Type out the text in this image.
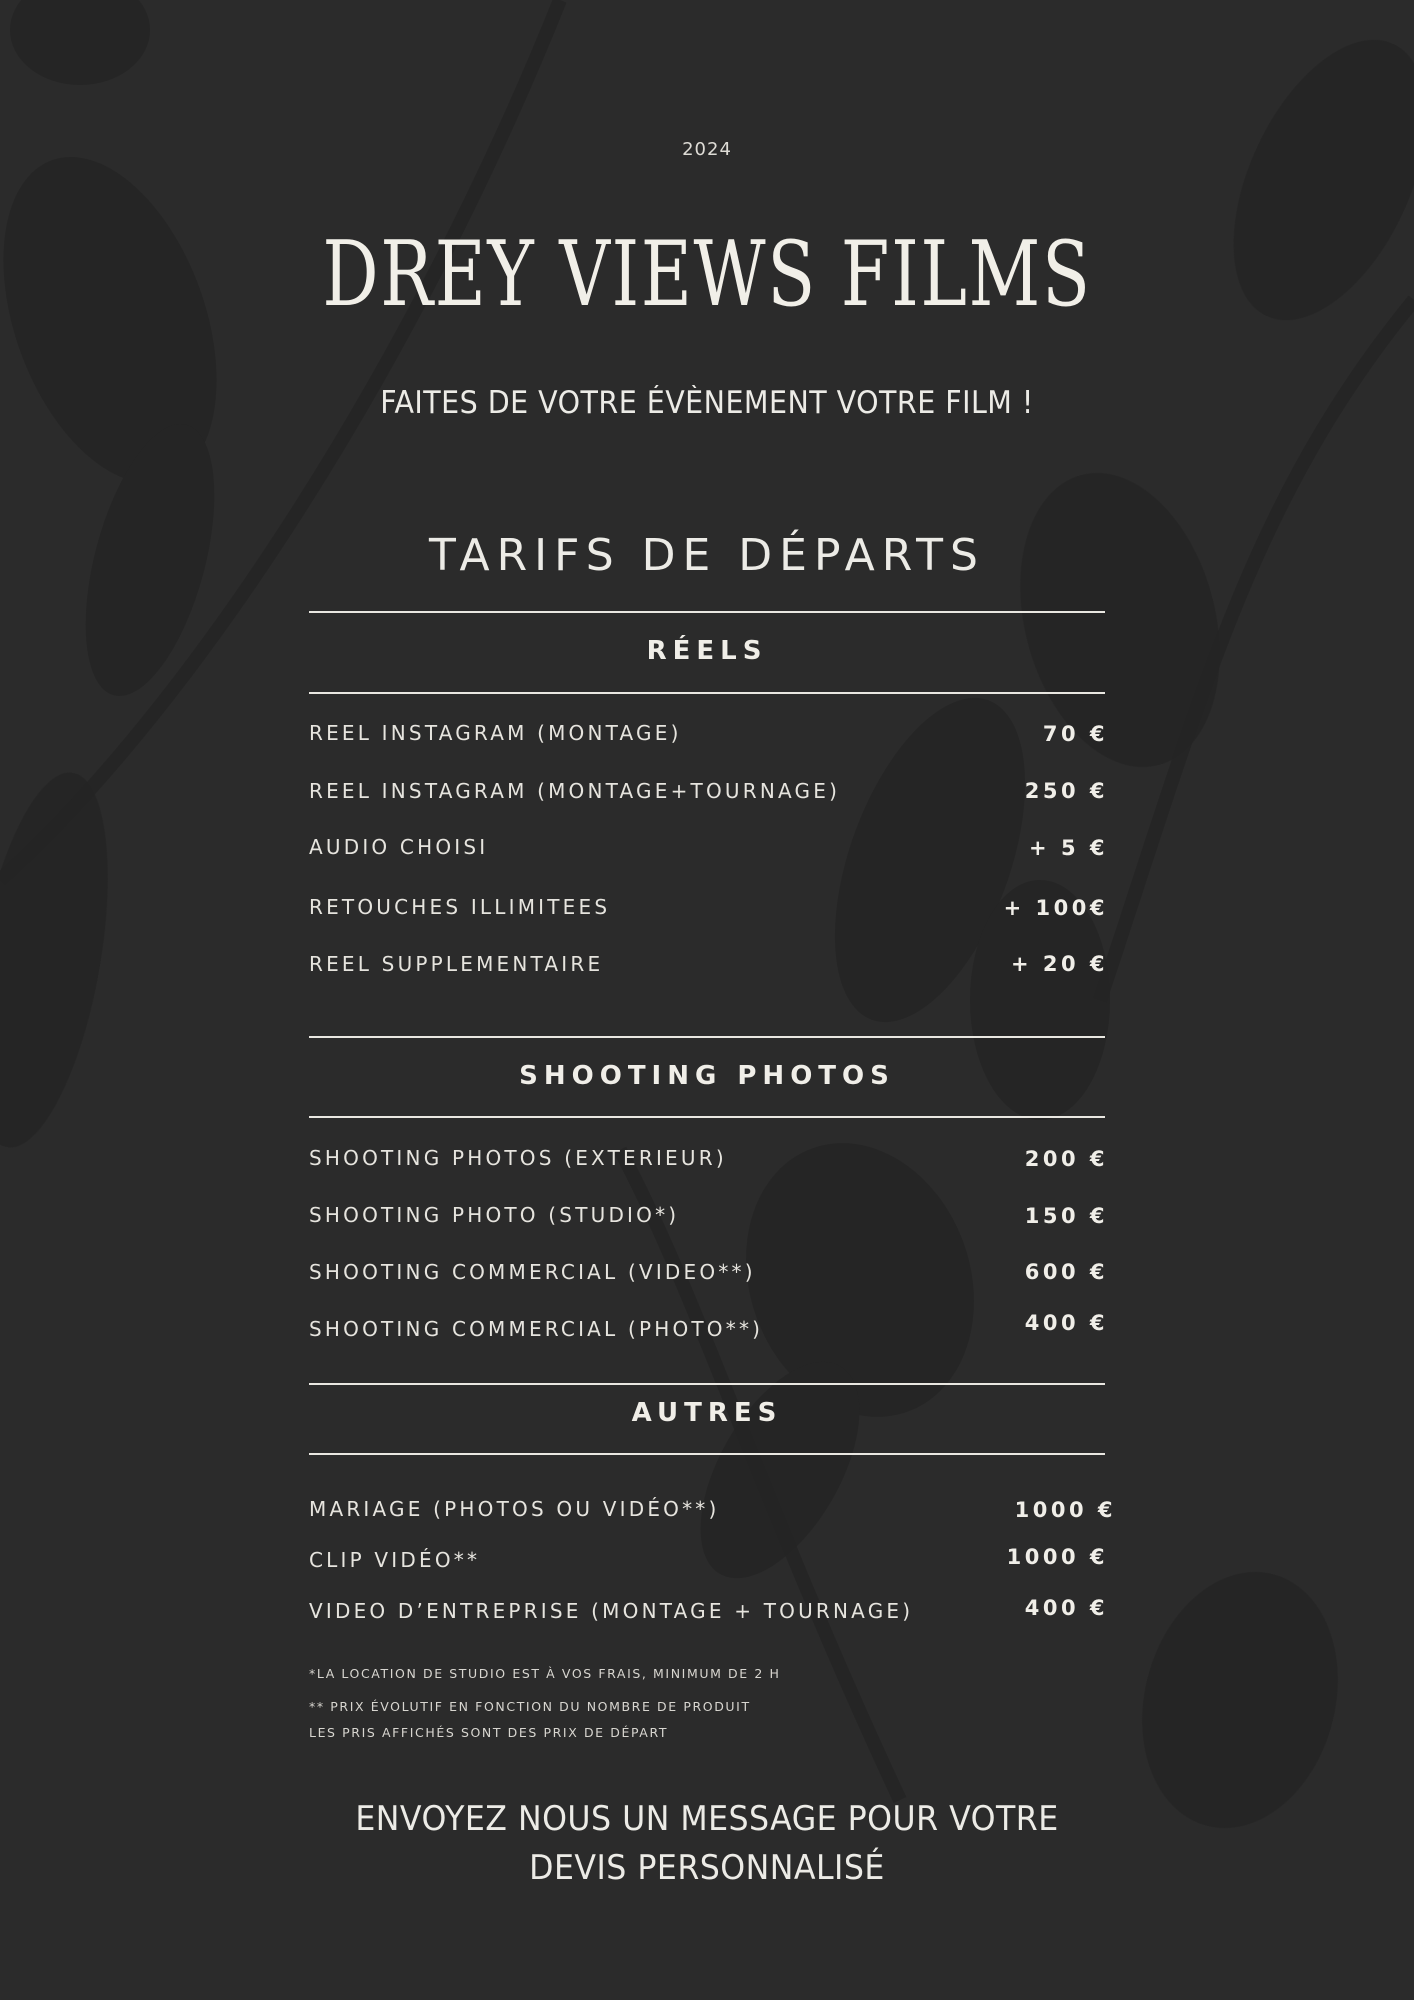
2024
DREY VIEWS FILMS
FAITES DE VOTRE ÉVÈNEMENT VOTRE FILM !
TARIFS DE DÉPARTS
RÉELS
REEL INSTAGRAM (MONTAGE)	70 €
REEL INSTAGRAM (MONTAGE+TOURNAGE)	250 €
AUDIO CHOISI	+ 5 €
RETOUCHES ILLIMITEES	+ 100€
REEL SUPPLEMENTAIRE	+ 20 €
SHOOTING PHOTOS
SHOOTING PHOTOS (EXTERIEUR)	200 €
SHOOTING PHOTO (STUDIO*)	150 €
SHOOTING COMMERCIAL (VIDEO**)	600 €
SHOOTING COMMERCIAL (PHOTO**)	400 €
AUTRES
MARIAGE (PHOTOS OU VIDÉO**)	1000 €
CLIP VIDÉO**	1000 €
VIDEO D’ENTREPRISE (MONTAGE + TOURNAGE)	400 €
*LA LOCATION DE STUDIO EST À VOS FRAIS, MINIMUM DE 2 H
** PRIX ÉVOLUTIF EN FONCTION DU NOMBRE DE PRODUIT
LES PRIS AFFICHÉS SONT DES PRIX DE DÉPART
ENVOYEZ NOUS UN MESSAGE POUR VOTRE
DEVIS PERSONNALISÉ
